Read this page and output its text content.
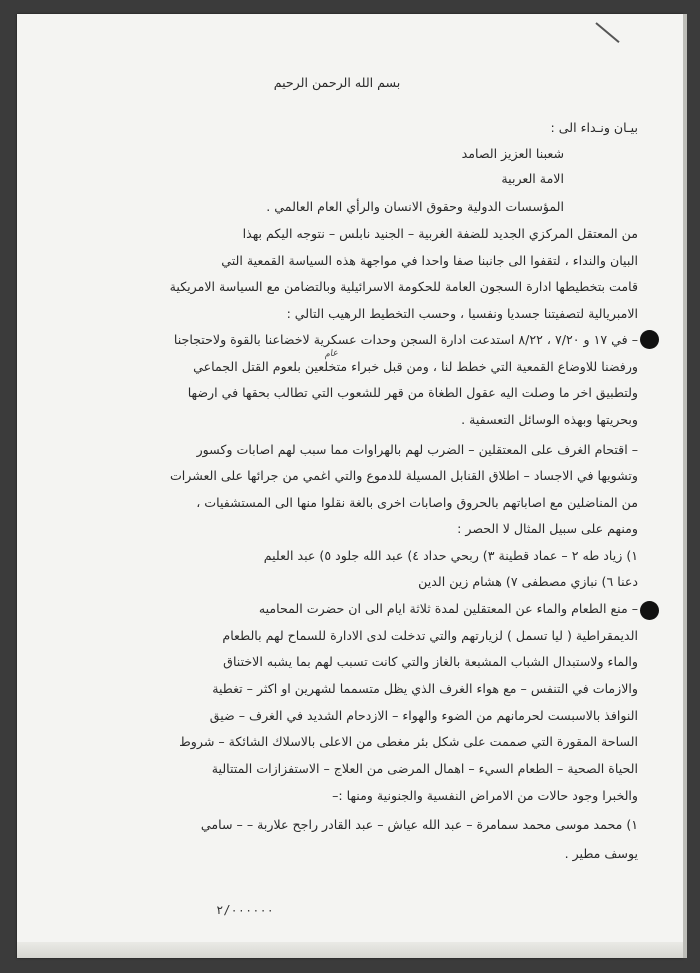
بسم الله الرحمن الرحيم

بيـان ونـداء الى :

شعبنا العزيز الصامد

الامة العربية

المؤسسات الدولية وحقوق الانسان والرأي العام العالمي .

من المعتقل المركزي الجديد للضفة الغربية – الجنيد نابلس – نتوجه اليكم بهذا

البيان والنداء ، لتقفوا الى جانبنا صفا واحدا في مواجهة هذه السياسة القمعية التي

قامت بتخطيطها ادارة السجون العامة للحكومة الاسرائيلية وبالتضامن مع السياسة الامريكية

الامبريالية لتصفيتنا جسديا ونفسيا ، وحسب التخطيط الرهيب التالي :

– في ١٧ و ٧/٢٠ ، ٨/٢٢ استدعت ادارة السجن وحدات عسكرية لاخضاعنا بالقوة ولاحتجاجنا

ورفضنا للاوضاع القمعية التي خطط لنا ، ومن قبل خبراء متخلعين بلعوم القتل الجماعي

ولتطبيق اخر ما وصلت اليه عقول الطغاة من قهر للشعوب التي تطالب بحقها في ارضها

وبحريتها وبهذه الوسائل التعسفية .

– اقتحام الغرف على المعتقلين – الضرب لهم بالهراوات مما سبب لهم اصابات وكسور

وتشويها في الاجساد – اطلاق القنابل المسيلة للدموع والتي اغمي من جرائها على العشرات

من المناضلين مع اصاباتهم بالحروق واصابات اخرى بالغة نقلوا منها الى المستشفيات ،

ومنهم على سبيل المثال لا الحصر :

١) زياد طه ٢ – عماد قطينة ٣) ربحي حداد ٤) عبد الله جلود ٥) عبد العليم

دعنا ٦) نبازي مصطفى ٧) هشام زين الدين

– منع الطعام والماء عن المعتقلين لمدة ثلاثة ايام الى ان حضرت المحاميه

الديمقراطية ( ليا تسمل ) لزيارتهم والتي تدخلت لدى الادارة للسماح لهم بالطعام

والماء ولاستبدال الشباب المشبعة بالغاز والتي كانت تسبب لهم بما يشبه الاختناق

والازمات في التنفس – مع هواء الغرف الذي يظل متسمما لشهرين او اكثر – تغطية

النوافذ بالاسبست لحرمانهم من الضوء والهواء – الازدحام الشديد في الغرف – ضيق

الساحة المقورة التي صممت على شكل بئر مغطى من الاعلى بالاسلاك الشائكة – شروط

الحياة الصحية – الطعام السيء – اهمال المرضى من العلاج – الاستفزازات المتتالية

والخبرا وجود حالات من الامراض النفسية والجنونية ومنها :–

١) محمد موسى محمد سمامرة – عبد الله عياش – عبد القادر راجح علاربة – – سامي

يوسف مطير .

عام
٢/٠٠٠٠٠٠
